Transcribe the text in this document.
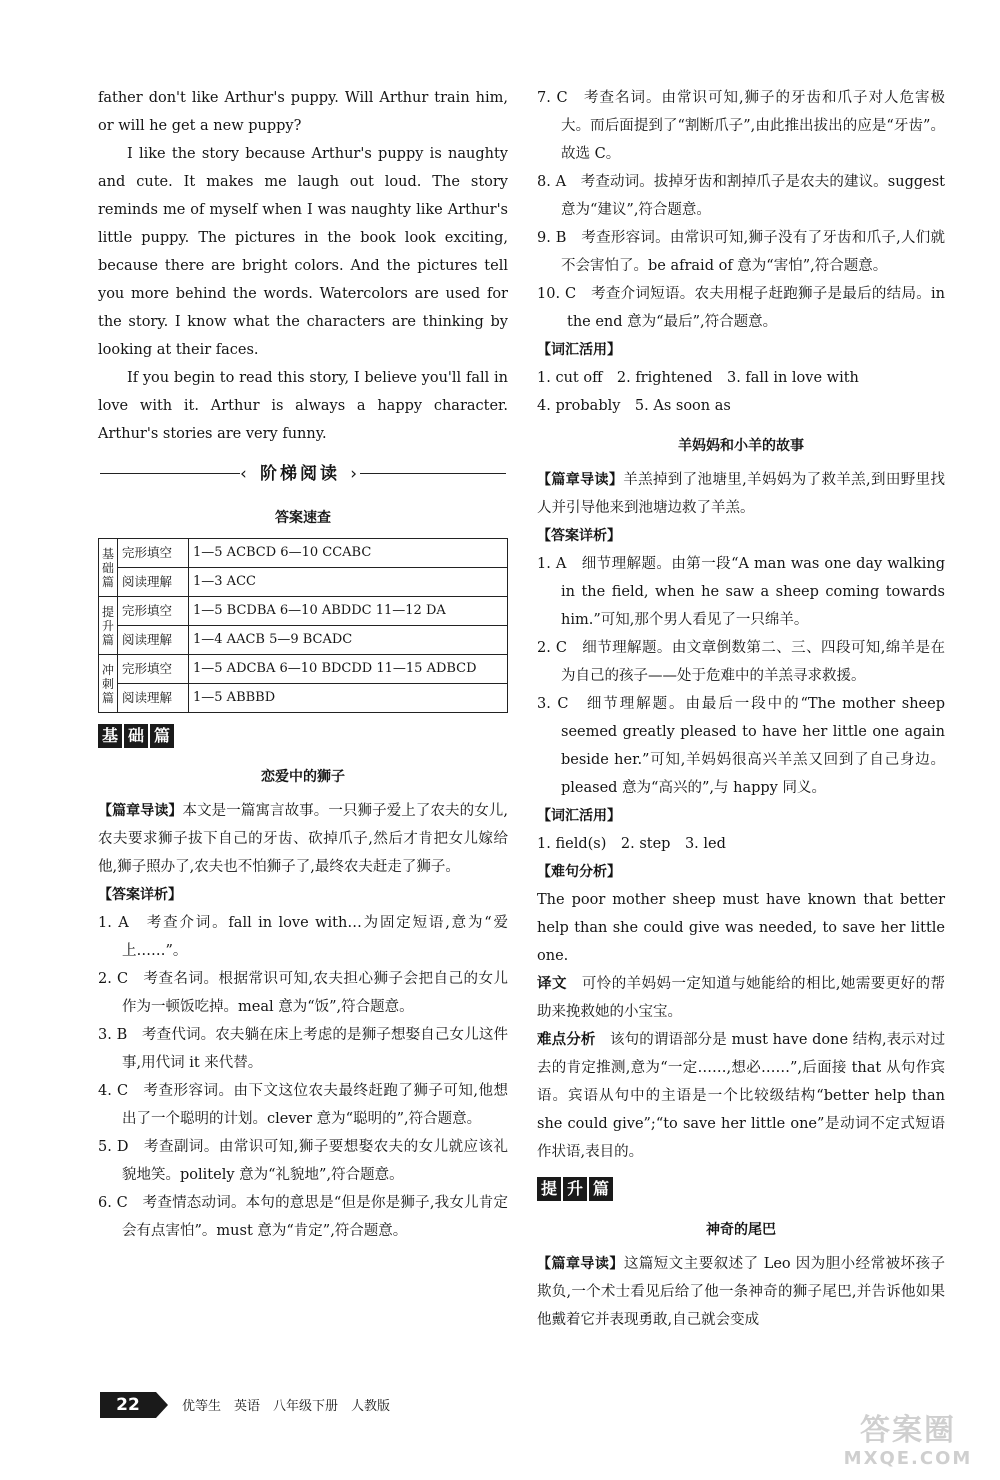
father don't like Arthur's puppy. Will Arthur train him, or will he get a new puppy?

I like the story because Arthur's puppy is naughty and cute. It makes me laugh out loud. The story reminds me of myself when I was naughty like Arthur's little puppy. The pictures in the book look exciting, because there are bright colors. And the pictures tell you more behind the words. Watercolors are used for the story. I know what the characters are thinking by looking at their faces.

If you begin to read this story, I believe you'll fall in love with it. Arthur is always a happy character. Arthur's stories are very funny.

‹ 阶梯阅读 ›
答案速查
基础篇	完形填空	1—5 ACBCD 6—10 CCABC
	阅读理解	1—3 ACC
提升篇	完形填空	1—5 BCDBA 6—10 ABDDC 11—12 DA
	阅读理解	1—4 AACB 5—9 BCADC
冲刺篇	完形填空	1—5 ADCBA 6—10 BDCDD 11—15 ADBCD
	阅读理解	1—5 ABBBD
基 础 篇
恋爱中的狮子

【篇章导读】本文是一篇寓言故事。一只狮子爱上了农夫的女儿,农夫要求狮子拔下自己的牙齿、砍掉爪子,然后才肯把女儿嫁给他,狮子照办了,农夫也不怕狮子了,最终农夫赶走了狮子。

【答案详析】

1. A　考查介词。fall in love with…为固定短语,意为“爱上……”。

2. C　考查名词。根据常识可知,农夫担心狮子会把自己的女儿作为一顿饭吃掉。meal 意为“饭”,符合题意。

3. B　考查代词。农夫躺在床上考虑的是狮子想娶自己女儿这件事,用代词 it 来代替。

4. C　考查形容词。由下文这位农夫最终赶跑了狮子可知,他想出了一个聪明的计划。clever 意为“聪明的”,符合题意。

5. D　考查副词。由常识可知,狮子要想娶农夫的女儿就应该礼貌地笑。politely 意为“礼貌地”,符合题意。

6. C　考查情态动词。本句的意思是“但是你是狮子,我女儿肯定会有点害怕”。must 意为“肯定”,符合题意。

7. C　考查名词。由常识可知,狮子的牙齿和爪子对人危害极大。而后面提到了“割断爪子”,由此推出拔出的应是“牙齿”。故选 C。

8. A　考查动词。拔掉牙齿和割掉爪子是农夫的建议。suggest 意为“建议”,符合题意。

9. B　考查形容词。由常识可知,狮子没有了牙齿和爪子,人们就不会害怕了。be afraid of 意为“害怕”,符合题意。

10. C　考查介词短语。农夫用棍子赶跑狮子是最后的结局。in the end 意为“最后”,符合题意。

【词汇活用】

1. cut off　2. frightened　3. fall in love with

4. probably　5. As soon as

羊妈妈和小羊的故事

【篇章导读】羊羔掉到了池塘里,羊妈妈为了救羊羔,到田野里找人并引导他来到池塘边救了羊羔。

【答案详析】

1. A　细节理解题。由第一段“A man was one day walking in the field, when he saw a sheep coming towards him.”可知,那个男人看见了一只绵羊。

2. C　细节理解题。由文章倒数第二、三、四段可知,绵羊是在为自己的孩子——处于危难中的羊羔寻求救援。

3. C　细节理解题。由最后一段中的“The mother sheep seemed greatly pleased to have her little one again beside her.”可知,羊妈妈很高兴羊羔又回到了自己身边。pleased 意为“高兴的”,与 happy 同义。

【词汇活用】

1. field(s)　2. step　3. led

【难句分析】

The poor mother sheep must have known that better help than she could give was needed, to save her little one.

译文　 可怜的羊妈妈一定知道与她能给的相比,她需要更好的帮助来挽救她的小宝宝。

难点分析　 该句的谓语部分是 must have done 结构,表示对过去的肯定推测,意为“一定……,想必……”,后面接 that 从句作宾语。宾语从句中的主语是一个比较级结构“better help than she could give”;“to save her little one”是动词不定式短语作状语,表目的。

提 升 篇
神奇的尾巴

【篇章导读】这篇短文主要叙述了 Leo 因为胆小经常被坏孩子欺负,一个术士看见后给了他一条神奇的狮子尾巴,并告诉他如果他戴着它并表现勇敢,自己就会变成

22	优等生　英语　八年级下册　人教版
答案圈
MXQE.COM
